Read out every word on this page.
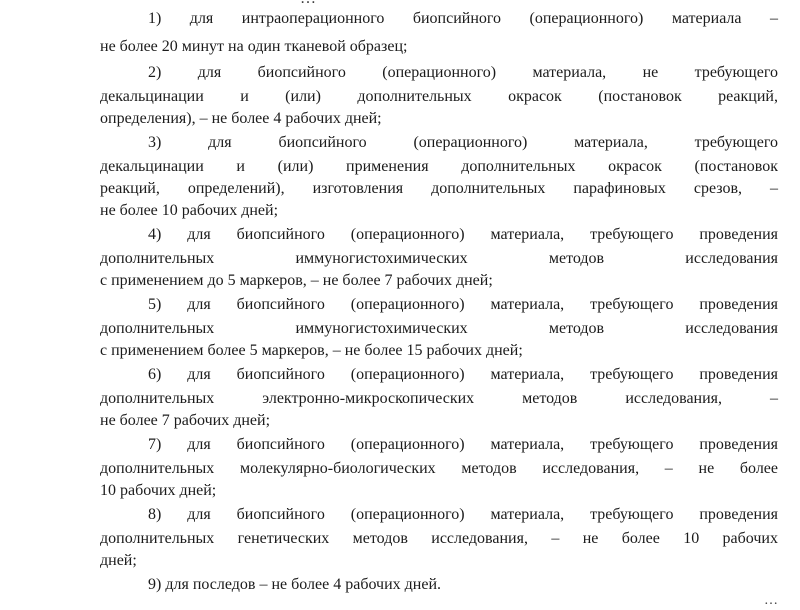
1) для интраоперационного биопсийного (операционного) материала –
не более 20 минут на один тканевой образец;
2) для биопсийного (операционного) материала, не требующего
декальцинации и (или) дополнительных окрасок (постановок реакций,
определения), – не более 4 рабочих дней;
3) для биопсийного (операционного) материала, требующего
декальцинации и (или) применения дополнительных окрасок (постановок
реакций, определений), изготовления дополнительных парафиновых срезов, –
не более 10 рабочих дней;
4) для биопсийного (операционного) материала, требующего проведения
дополнительных иммуногистохимических методов исследования
с применением до 5 маркеров, – не более 7 рабочих дней;
5) для биопсийного (операционного) материала, требующего проведения
дополнительных иммуногистохимических методов исследования
с применением более 5 маркеров, – не более 15 рабочих дней;
6) для биопсийного (операционного) материала, требующего проведения
дополнительных электронно-микроскопических методов исследования, –
не более 7 рабочих дней;
7) для биопсийного (операционного) материала, требующего проведения
дополнительных молекулярно-биологических методов исследования, – не более
10 рабочих дней;
8) для биопсийного (операционного) материала, требующего проведения
дополнительных генетических методов исследования, – не более 10 рабочих
дней;
9) для последов – не более 4 рабочих дней.
…
